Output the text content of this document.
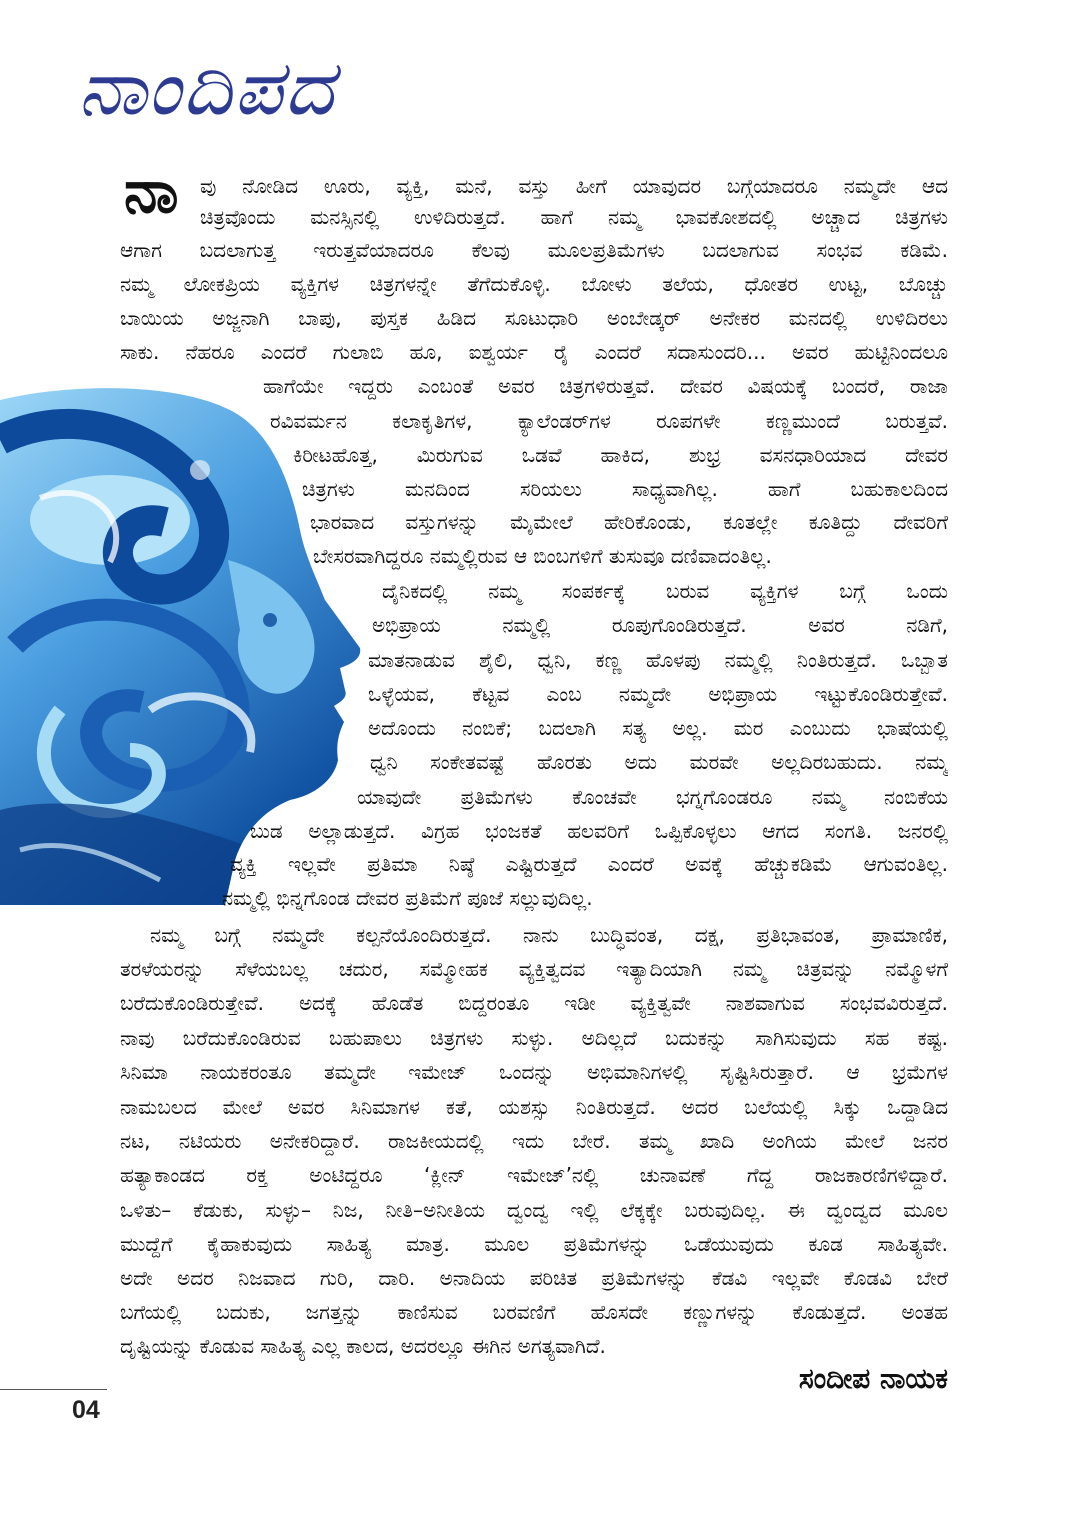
ನಾಂದಿಪದ
ನಾ ವು ನೋಡಿದ ಊರು, ವ್ಯಕ್ತಿ, ಮನೆ, ವಸ್ತು ಹೀಗೆ ಯಾವುದರ ಬಗ್ಗೆಯಾದರೂ ನಮ್ಮದೇ ಆದ
ಚಿತ್ರವೊಂದು ಮನಸ್ಸಿನಲ್ಲಿ ಉಳಿದಿರುತ್ತದೆ. ಹಾಗೆ ನಮ್ಮ ಭಾವಕೋಶದಲ್ಲಿ ಅಚ್ಚಾದ ಚಿತ್ರಗಳು
ಆಗಾಗ ಬದಲಾಗುತ್ತ ಇರುತ್ತವೆಯಾದರೂ ಕೆಲವು ಮೂಲಪ್ರತಿಮೆಗಳು ಬದಲಾಗುವ ಸಂಭವ ಕಡಿಮೆ.
ನಮ್ಮ ಲೋಕಪ್ರಿಯ ವ್ಯಕ್ತಿಗಳ ಚಿತ್ರಗಳನ್ನೇ ತೆಗೆದುಕೊಳ್ಳಿ. ಬೋಳು ತಲೆಯ, ಧೋತರ ಉಟ್ಟ, ಬೊಚ್ಚು
ಬಾಯಿಯ ಅಜ್ಜನಾಗಿ ಬಾಪು, ಪುಸ್ತಕ ಹಿಡಿದ ಸೂಟುಧಾರಿ ಅಂಬೇಡ್ಕರ್ ಅನೇಕರ ಮನದಲ್ಲಿ ಉಳಿದಿರಲು
ಸಾಕು. ನೆಹರೂ ಎಂದರೆ ಗುಲಾಬಿ ಹೂ, ಐಶ್ವರ್ಯ ರೈ ಎಂದರೆ ಸದಾಸುಂದರಿ... ಅವರ ಹುಟ್ಟಿನಿಂದಲೂ
ಹಾಗೆಯೇ ಇದ್ದರು ಎಂಬಂತೆ ಅವರ ಚಿತ್ರಗಳಿರುತ್ತವೆ. ದೇವರ ವಿಷಯಕ್ಕೆ ಬಂದರೆ, ರಾಜಾ
ರವಿವರ್ಮನ ಕಲಾಕೃತಿಗಳ, ಕ್ಯಾಲೆಂಡರ್‌ಗಳ ರೂಪಗಳೇ ಕಣ್ಣಮುಂದೆ ಬರುತ್ತವೆ.
ಕಿರೀಟಹೊತ್ತ, ಮಿರುಗುವ ಒಡವೆ ಹಾಕಿದ, ಶುಭ್ರ ವಸನಧಾರಿಯಾದ ದೇವರ
ಚಿತ್ರಗಳು ಮನದಿಂದ ಸರಿಯಲು ಸಾಧ್ಯವಾಗಿಲ್ಲ. ಹಾಗೆ ಬಹುಕಾಲದಿಂದ
ಭಾರವಾದ ವಸ್ತುಗಳನ್ನು ಮೈಮೇಲೆ ಹೇರಿಕೊಂಡು, ಕೂತಲ್ಲೇ ಕೂತಿದ್ದು ದೇವರಿಗೆ
ಬೇಸರವಾಗಿದ್ದರೂ ನಮ್ಮಲ್ಲಿರುವ ಆ ಬಿಂಬಗಳಿಗೆ ತುಸುವೂ ದಣಿವಾದಂತಿಲ್ಲ.
ದೈನಿಕದಲ್ಲಿ ನಮ್ಮ ಸಂಪರ್ಕಕ್ಕೆ ಬರುವ ವ್ಯಕ್ತಿಗಳ ಬಗ್ಗೆ ಒಂದು
ಅಭಿಪ್ರಾಯ ನಮ್ಮಲ್ಲಿ ರೂಪುಗೊಂಡಿರುತ್ತದೆ. ಅವರ ನಡಿಗೆ,
ಮಾತನಾಡುವ ಶೈಲಿ, ಧ್ವನಿ, ಕಣ್ಣ ಹೊಳಪು ನಮ್ಮಲ್ಲಿ ನಿಂತಿರುತ್ತದೆ. ಒಬ್ಬಾತ
ಒಳ್ಳೆಯವ, ಕೆಟ್ಟವ ಎಂಬ ನಮ್ಮದೇ ಅಭಿಪ್ರಾಯ ಇಟ್ಟುಕೊಂಡಿರುತ್ತೇವೆ.
ಅದೊಂದು ನಂಬಿಕೆ; ಬದಲಾಗಿ ಸತ್ಯ ಅಲ್ಲ. ಮರ ಎಂಬುದು ಭಾಷೆಯಲ್ಲಿ
ಧ್ವನಿ ಸಂಕೇತವಷ್ಟೆ ಹೊರತು ಅದು ಮರವೇ ಅಲ್ಲದಿರಬಹುದು. ನಮ್ಮ
ಯಾವುದೇ ಪ್ರತಿಮೆಗಳು ಕೊಂಚವೇ ಭಗ್ನಗೊಂಡರೂ ನಮ್ಮ ನಂಬಿಕೆಯ
ಬುಡ ಅಲ್ಲಾಡುತ್ತದೆ. ವಿಗ್ರಹ ಭಂಜಕತೆ ಹಲವರಿಗೆ ಒಪ್ಪಿಕೊಳ್ಳಲು ಆಗದ ಸಂಗತಿ. ಜನರಲ್ಲಿ
ವ್ಯಕ್ತಿ ಇಲ್ಲವೇ ಪ್ರತಿಮಾ ನಿಷ್ಠೆ ಎಷ್ಟಿರುತ್ತದೆ ಎಂದರೆ ಅವಕ್ಕೆ ಹೆಚ್ಚುಕಡಿಮೆ ಆಗುವಂತಿಲ್ಲ.
ನಮ್ಮಲ್ಲಿ ಭಿನ್ನಗೊಂಡ ದೇವರ ಪ್ರತಿಮೆಗೆ ಪೂಜೆ ಸಲ್ಲುವುದಿಲ್ಲ.
ನಮ್ಮ ಬಗ್ಗೆ ನಮ್ಮದೇ ಕಲ್ಪನೆಯೊಂದಿರುತ್ತದೆ. ನಾನು ಬುದ್ಧಿವಂತ, ದಕ್ಷ, ಪ್ರತಿಭಾವಂತ, ಪ್ರಾಮಾಣಿಕ,
ತರಳೆಯರನ್ನು ಸೆಳೆಯಬಲ್ಲ ಚದುರ, ಸಮ್ಮೋಹಕ ವ್ಯಕ್ತಿತ್ವದವ ಇತ್ಯಾದಿಯಾಗಿ ನಮ್ಮ ಚಿತ್ರವನ್ನು ನಮ್ಮೊಳಗೆ
ಬರೆದುಕೊಂಡಿರುತ್ತೇವೆ. ಅದಕ್ಕೆ ಹೊಡೆತ ಬಿದ್ದರಂತೂ ಇಡೀ ವ್ಯಕ್ತಿತ್ವವೇ ನಾಶವಾಗುವ ಸಂಭವವಿರುತ್ತದೆ.
ನಾವು ಬರೆದುಕೊಂಡಿರುವ ಬಹುಪಾಲು ಚಿತ್ರಗಳು ಸುಳ್ಳು. ಅದಿಲ್ಲದೆ ಬದುಕನ್ನು ಸಾಗಿಸುವುದು ಸಹ ಕಷ್ಟ.
ಸಿನಿಮಾ ನಾಯಕರಂತೂ ತಮ್ಮದೇ ಇಮೇಜ್ ಒಂದನ್ನು ಅಭಿಮಾನಿಗಳಲ್ಲಿ ಸೃಷ್ಟಿಸಿರುತ್ತಾರೆ. ಆ ಭ್ರಮೆಗಳ
ನಾಮಬಲದ ಮೇಲೆ ಅವರ ಸಿನಿಮಾಗಳ ಕತೆ, ಯಶಸ್ಸು ನಿಂತಿರುತ್ತದೆ. ಅದರ ಬಲೆಯಲ್ಲಿ ಸಿಕ್ಕು ಒದ್ದಾಡಿದ
ನಟ, ನಟಿಯರು ಅನೇಕರಿದ್ದಾರೆ. ರಾಜಕೀಯದಲ್ಲಿ ಇದು ಬೇರೆ. ತಮ್ಮ ಖಾದಿ ಅಂಗಿಯ ಮೇಲೆ ಜನರ
ಹತ್ಯಾಕಾಂಡದ ರಕ್ತ ಅಂಟಿದ್ದರೂ ‘ಕ್ಲೀನ್ ಇಮೇಜ್’ನಲ್ಲಿ ಚುನಾವಣೆ ಗೆದ್ದ ರಾಜಕಾರಣಿಗಳಿದ್ದಾರೆ.
ಒಳಿತು– ಕೆಡುಕು, ಸುಳ್ಳು– ನಿಜ, ನೀತಿ–ಅನೀತಿಯ ದ್ವಂದ್ವ ಇಲ್ಲಿ ಲೆಕ್ಕಕ್ಕೇ ಬರುವುದಿಲ್ಲ. ಈ ದ್ವಂದ್ವದ ಮೂಲ
ಮುದ್ದೆಗೆ ಕೈಹಾಕುವುದು ಸಾಹಿತ್ಯ ಮಾತ್ರ. ಮೂಲ ಪ್ರತಿಮೆಗಳನ್ನು ಒಡೆಯುವುದು ಕೂಡ ಸಾಹಿತ್ಯವೇ.
ಅದೇ ಅದರ ನಿಜವಾದ ಗುರಿ, ದಾರಿ. ಅನಾದಿಯ ಪರಿಚಿತ ಪ್ರತಿಮೆಗಳನ್ನು ಕೆಡವಿ ಇಲ್ಲವೇ ಕೊಡವಿ ಬೇರೆ
ಬಗೆಯಲ್ಲಿ ಬದುಕು, ಜಗತ್ತನ್ನು ಕಾಣಿಸುವ ಬರವಣಿಗೆ ಹೊಸದೇ ಕಣ್ಣುಗಳನ್ನು ಕೊಡುತ್ತದೆ. ಅಂತಹ
ದೃಷ್ಟಿಯನ್ನು ಕೊಡುವ ಸಾಹಿತ್ಯ ಎಲ್ಲ ಕಾಲದ, ಅದರಲ್ಲೂ ಈಗಿನ ಅಗತ್ಯವಾಗಿದೆ.
ಸಂದೀಪ ನಾಯಕ
04
